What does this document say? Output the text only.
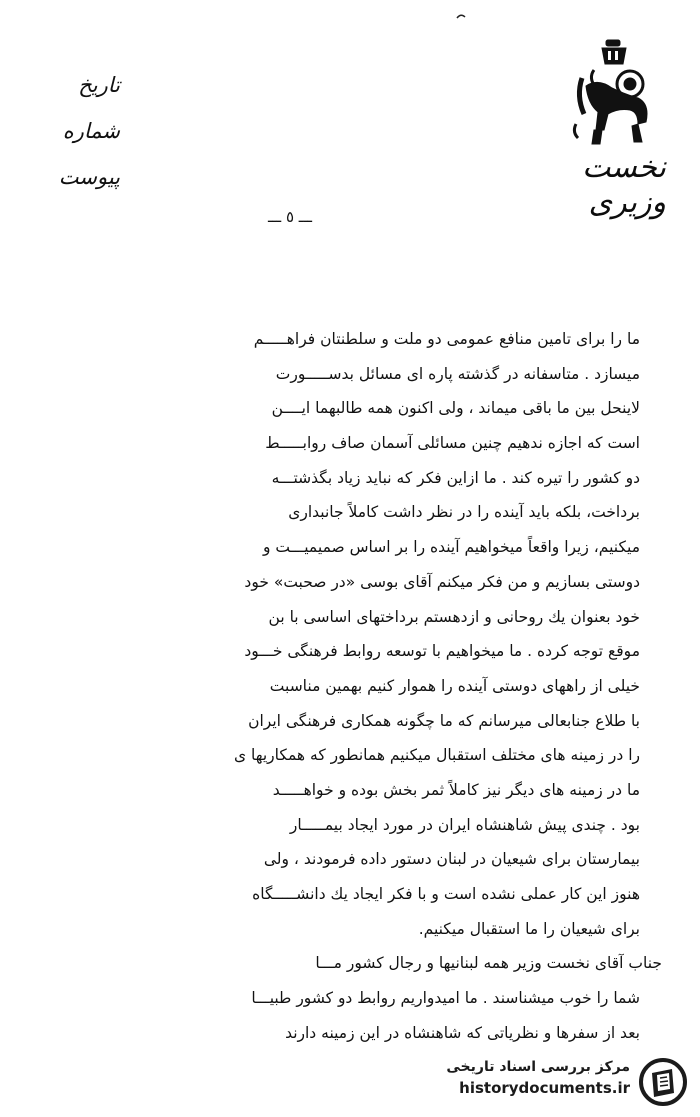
نخست وزیری
تاریخ
شماره
پیوست
ـــ ٥ ـــ
ما را برای تامین منافع عمومی دو ملت و سلطنتان فراهـــــم
میسازد . متاسفانه در گذشته پاره ای مسائل بدســـــورت
لاینحل بین ما باقی میماند ، ولی اکنون همه طالبهما ایــــن
است که اجازه ندهیم چنین مسائلی آسمان صاف روابـــــط
دو کشور را تیره کند . ما ازاین فکر که نباید زیاد بگذشتـــه
برداخت، بلکه باید آینده را در نظر داشت کاملاً جانبداری
میکنیم، زیرا واقعاً میخواهیم آینده را بر اساس صمیمیـــت و
دوستی بسازیم و من فکر میکنم آقای بوسی «در صحبت» خود
خود بعنوان یك روحانی و ازدهستم برداختهای اساسی با بن
موقع توجه کرده . ما میخواهیم با توسعه روابط فرهنگی خـــود
خیلی از راههای دوستی آینده را هموار کنیم بهمین مناسبت
با طلاع جنابعالی میرسانم که ما چگونه همکاری فرهنگی ایران
را در زمینه های مختلف استقبال میکنیم همانطور که همکاریها ی
ما در زمینه های دیگر نیز کاملاً ثمر بخش بوده و خواهـــــد
بود . چندی پیش شاهنشاه ایران در مورد ایجاد بیمـــــار
بیمارستان برای شیعیان در لبنان دستور داده فرمودند ، ولی
هنوز این کار عملی نشده است و با فکر ایجاد یك دانشـــــگاه
برای شیعیان را ما استقبال میکنیم.
جناب آقای نخست وزیر همه لبنانیها و رجال کشور مـــا
شما را خوب میشناسند . ما امیدواریم روابط دو کشور طبیـــا
بعد از سفرها و نظریاتی که شاهنشاه در این زمینه دارند
مرکز بررسی اسناد تاریخی
historydocuments.ir
